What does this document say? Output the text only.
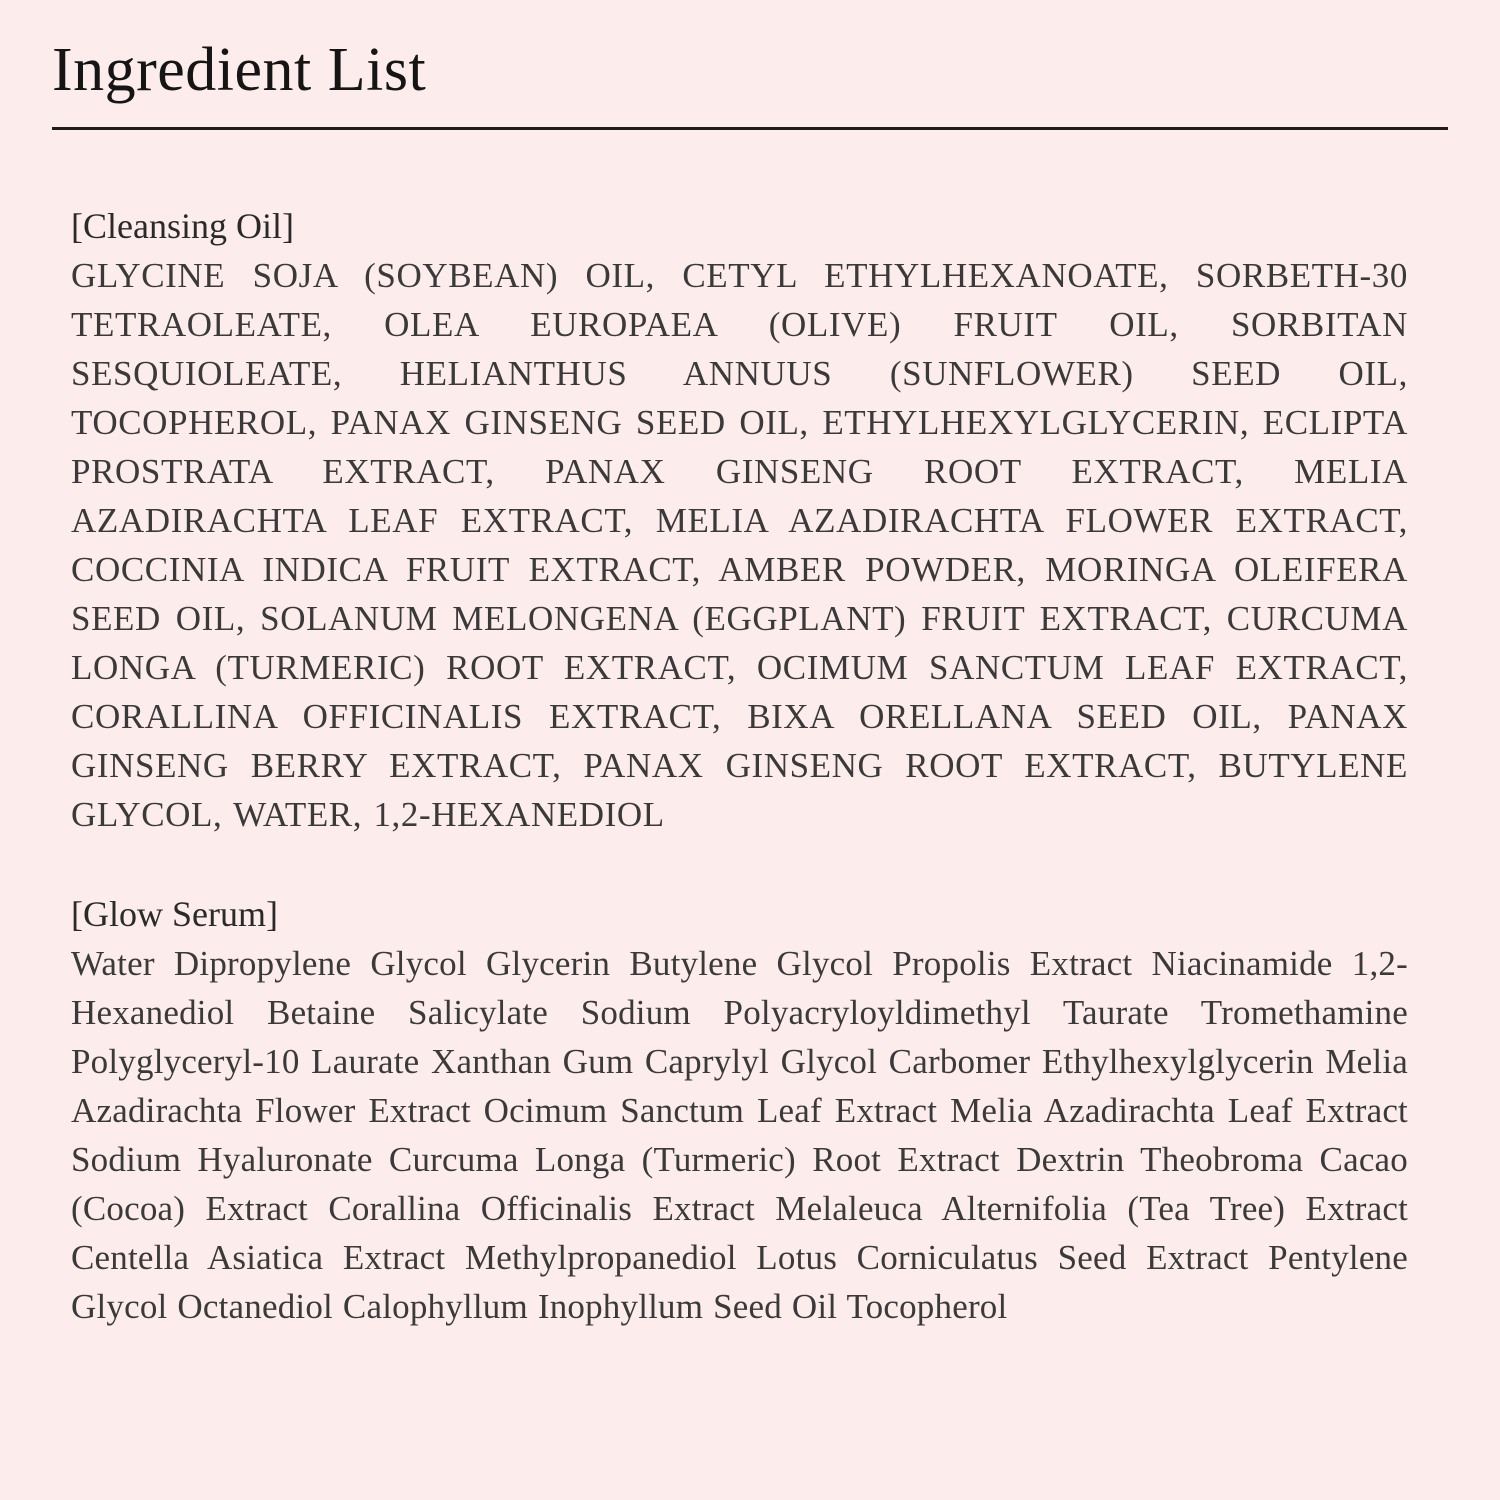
Ingredient List
[Cleansing Oil]

GLYCINE SOJA (SOYBEAN) OIL, CETYL ETHYLHEXANOATE, SORBETH-30 TETRAOLEATE, OLEA EUROPAEA (OLIVE) FRUIT OIL, SORBITAN SESQUIOLEATE, HELIANTHUS ANNUUS (SUNFLOWER) SEED OIL, TOCOPHEROL, PANAX GINSENG SEED OIL, ETHYLHEXYLGLYCERIN, ECLIPTA PROSTRATA EXTRACT, PANAX GINSENG ROOT EXTRACT, MELIA AZADIRACHTA LEAF EXTRACT, MELIA AZADIRACHTA FLOWER EXTRACT, COCCINIA INDICA FRUIT EXTRACT, AMBER POWDER, MORINGA OLEIFERA SEED OIL, SOLANUM MELONGENA (EGGPLANT) FRUIT EXTRACT, CURCUMA LONGA (TURMERIC) ROOT EXTRACT, OCIMUM SANCTUM LEAF EXTRACT, CORALLINA OFFICINALIS EXTRACT, BIXA ORELLANA SEED OIL, PANAX GINSENG BERRY EXTRACT, PANAX GINSENG ROOT EXTRACT, BUTYLENE GLYCOL, WATER, 1,2-HEXANEDIOL

[Glow Serum]

Water Dipropylene Glycol Glycerin Butylene Glycol Propolis Extract Niacinamide 1,2-Hexanediol Betaine Salicylate Sodium Polyacryloyldimethyl Taurate Tromethamine Polyglyceryl-10 Laurate Xanthan Gum Caprylyl Glycol Carbomer Ethylhexylglycerin Melia Azadirachta Flower Extract Ocimum Sanctum Leaf Extract Melia Azadirachta Leaf Extract Sodium Hyaluronate Curcuma Longa (Turmeric) Root Extract Dextrin Theobroma Cacao (Cocoa) Extract Corallina Officinalis Extract Melaleuca Alternifolia (Tea Tree) Extract Centella Asiatica Extract Methylpropanediol Lotus Corniculatus Seed Extract Pentylene Glycol Octanediol Calophyllum Inophyllum Seed Oil Tocopherol
